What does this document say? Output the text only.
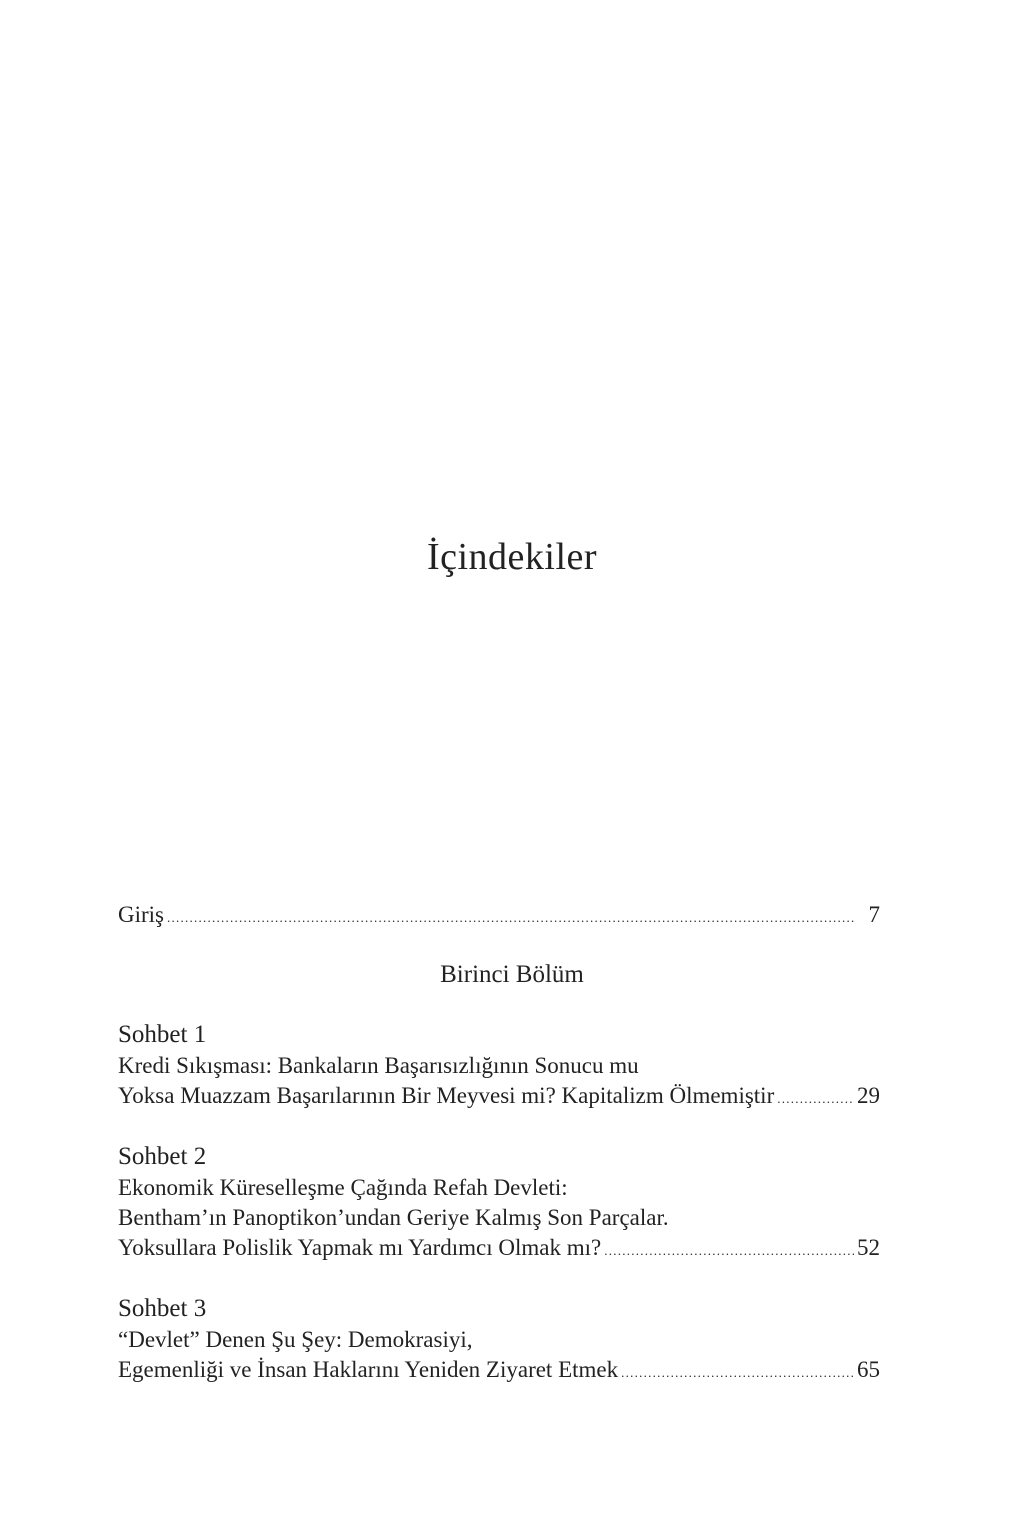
İçindekiler
Giriş . . .	7
Birinci Bölüm
Sohbet 1
Kredi Sıkışması: Bankaların Başarısızlığının Sonucu mu
Yoksa Muazzam Başarılarının Bir Meyvesi mi? Kapitalizm Ölmemiştir . . .	29
Sohbet 2
Ekonomik Küreselleşme Çağında Refah Devleti:
Bentham’ın Panoptikon’undan Geriye Kalmış Son Parçalar.
Yoksullara Polislik Yapmak mı Yardımcı Olmak mı? . . .	52
Sohbet 3
“Devlet” Denen Şu Şey: Demokrasiyi,
Egemenliği ve İnsan Haklarını Yeniden Ziyaret Etmek . . .	65
